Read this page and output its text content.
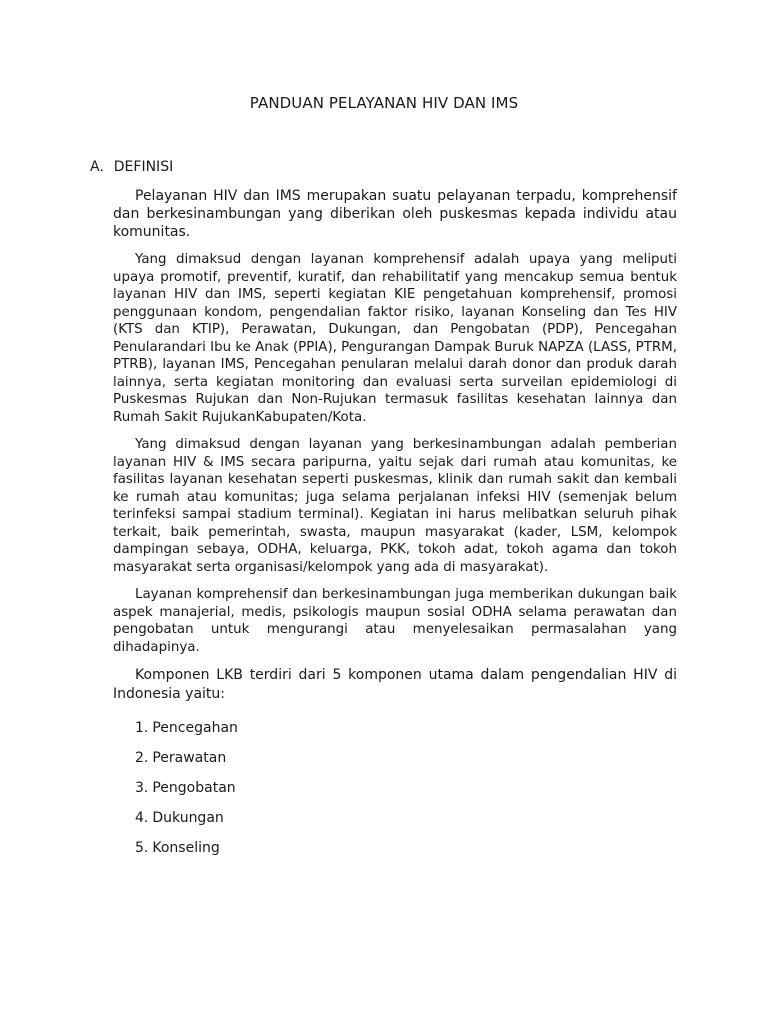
PANDUAN PELAYANAN HIV DAN IMS
A. DEFINISI

Pelayanan HIV dan IMS merupakan suatu pelayanan terpadu, komprehensif dan berkesinambungan yang diberikan oleh puskesmas kepada individu atau komunitas.

Yang dimaksud dengan layanan komprehensif adalah upaya yang meliputi upaya promotif, preventif, kuratif, dan rehabilitatif yang mencakup semua bentuk layanan HIV dan IMS, seperti kegiatan KIE pengetahuan komprehensif, promosi penggunaan kondom, pengendalian faktor risiko, layanan Konseling dan Tes HIV (KTS dan KTIP), Perawatan, Dukungan, dan Pengobatan (PDP), Pencegahan Penularandari Ibu ke Anak (PPIA), Pengurangan Dampak Buruk NAPZA (LASS, PTRM, PTRB), layanan IMS, Pencegahan penularan melalui darah donor dan produk darah lainnya, serta kegiatan monitoring dan evaluasi serta surveilan epidemiologi di Puskesmas Rujukan dan Non-Rujukan termasuk fasilitas kesehatan lainnya dan Rumah Sakit RujukanKabupaten/Kota.

Yang dimaksud dengan layanan yang berkesinambungan adalah pemberian layanan HIV & IMS secara paripurna, yaitu sejak dari rumah atau komunitas, ke fasilitas layanan kesehatan seperti puskesmas, klinik dan rumah sakit dan kembali ke rumah atau komunitas; juga selama perjalanan infeksi HIV (semenjak belum terinfeksi sampai stadium terminal). Kegiatan ini harus melibatkan seluruh pihak terkait, baik pemerintah, swasta, maupun masyarakat (kader, LSM, kelompok dampingan sebaya, ODHA, keluarga, PKK, tokoh adat, tokoh agama dan tokoh masyarakat serta organisasi/kelompok yang ada di masyarakat).

Layanan komprehensif dan berkesinambungan juga memberikan dukungan baik aspek manajerial, medis, psikologis maupun sosial ODHA selama perawatan dan pengobatan untuk mengurangi atau menyelesaikan permasalahan yang dihadapinya.

Komponen LKB terdiri dari 5 komponen utama dalam pengendalian HIV di Indonesia yaitu:

1. Pencegahan
2. Perawatan
3. Pengobatan
4. Dukungan
5. Konseling
